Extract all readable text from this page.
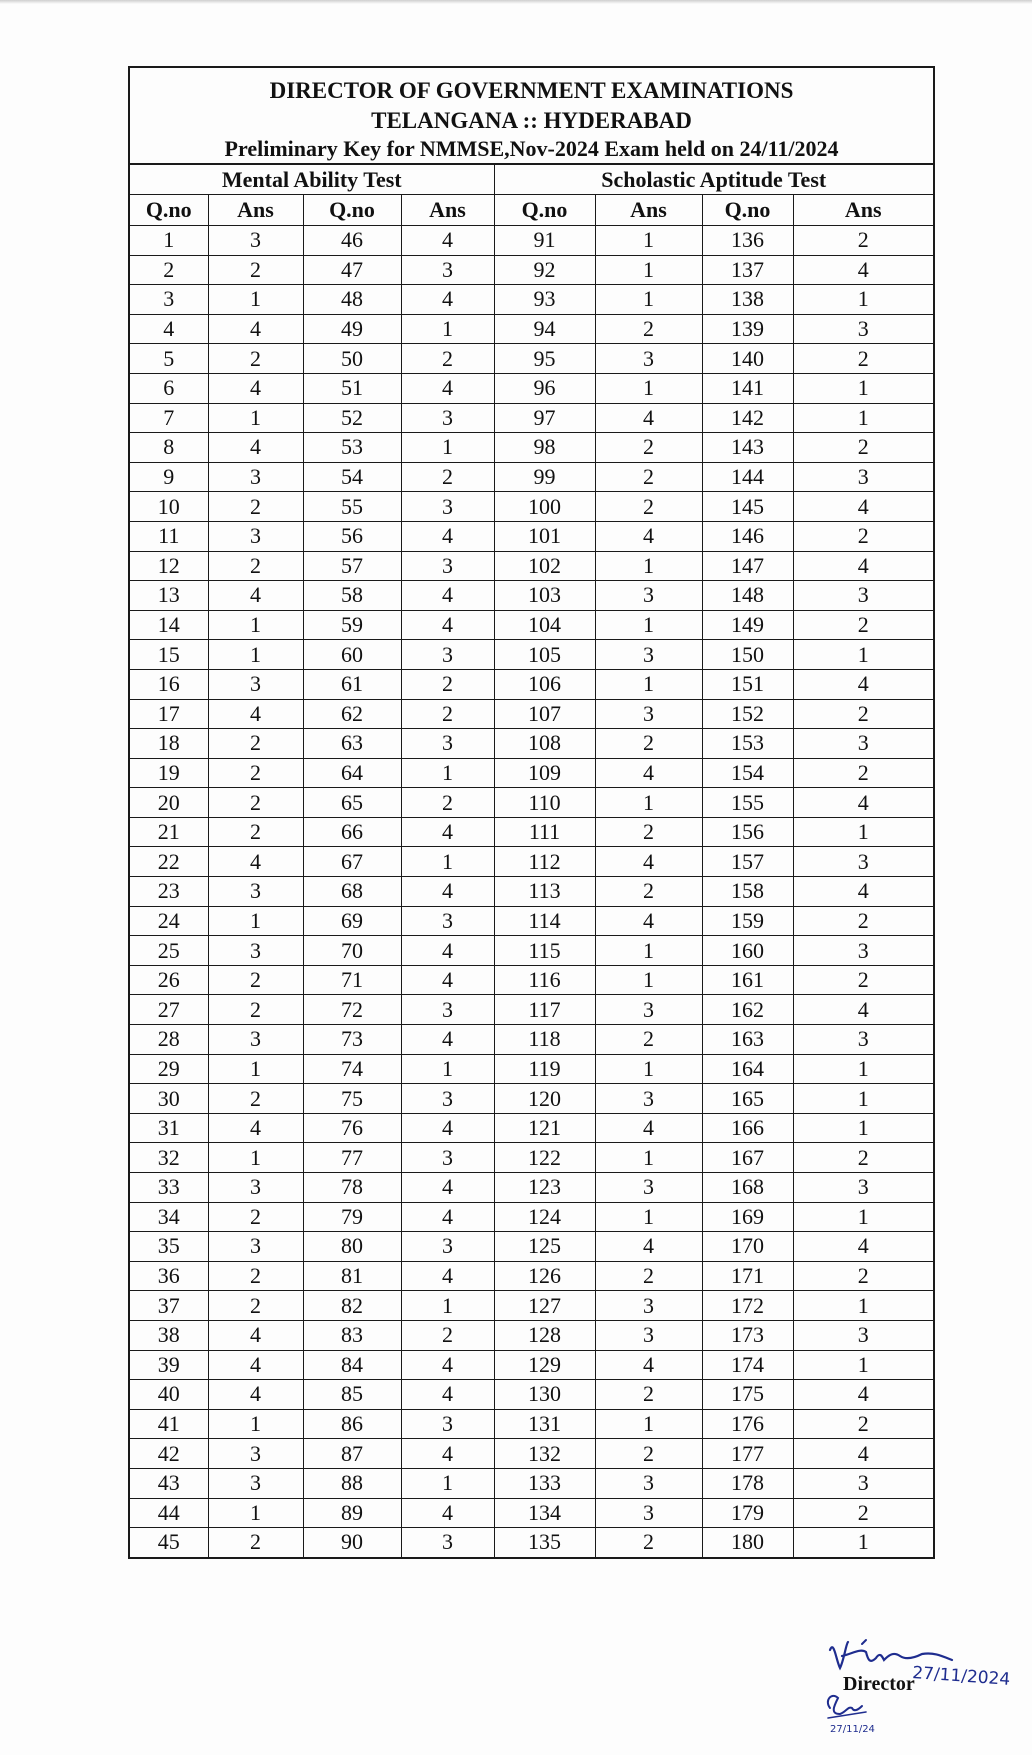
DIRECTOR OF GOVERNMENT EXAMINATIONS
TELANGANA :: HYDERABAD
Preliminary Key for NMMSE,Nov-2024 Exam held on 24/11/2024
Mental Ability Test				Scholastic Aptitude Test			
Q.no	Ans	Q.no	Ans	Q.no	Ans	Q.no	Ans
1	3	46	4	91	1	136	2
2	2	47	3	92	1	137	4
3	1	48	4	93	1	138	1
4	4	49	1	94	2	139	3
5	2	50	2	95	3	140	2
6	4	51	4	96	1	141	1
7	1	52	3	97	4	142	1
8	4	53	1	98	2	143	2
9	3	54	2	99	2	144	3
10	2	55	3	100	2	145	4
11	3	56	4	101	4	146	2
12	2	57	3	102	1	147	4
13	4	58	4	103	3	148	3
14	1	59	4	104	1	149	2
15	1	60	3	105	3	150	1
16	3	61	2	106	1	151	4
17	4	62	2	107	3	152	2
18	2	63	3	108	2	153	3
19	2	64	1	109	4	154	2
20	2	65	2	110	1	155	4
21	2	66	4	111	2	156	1
22	4	67	1	112	4	157	3
23	3	68	4	113	2	158	4
24	1	69	3	114	4	159	2
25	3	70	4	115	1	160	3
26	2	71	4	116	1	161	2
27	2	72	3	117	3	162	4
28	3	73	4	118	2	163	3
29	1	74	1	119	1	164	1
30	2	75	3	120	3	165	1
31	4	76	4	121	4	166	1
32	1	77	3	122	1	167	2
33	3	78	4	123	3	168	3
34	2	79	4	124	1	169	1
35	3	80	3	125	4	170	4
36	2	81	4	126	2	171	2
37	2	82	1	127	3	172	1
38	4	83	2	128	3	173	3
39	4	84	4	129	4	174	1
40	4	85	4	130	2	175	4
41	1	86	3	131	1	176	2
42	3	87	4	132	2	177	4
43	3	88	1	133	3	178	3
44	1	89	4	134	3	179	2
45	2	90	3	135	2	180	1
27/11/2024
27/11/24
Director
